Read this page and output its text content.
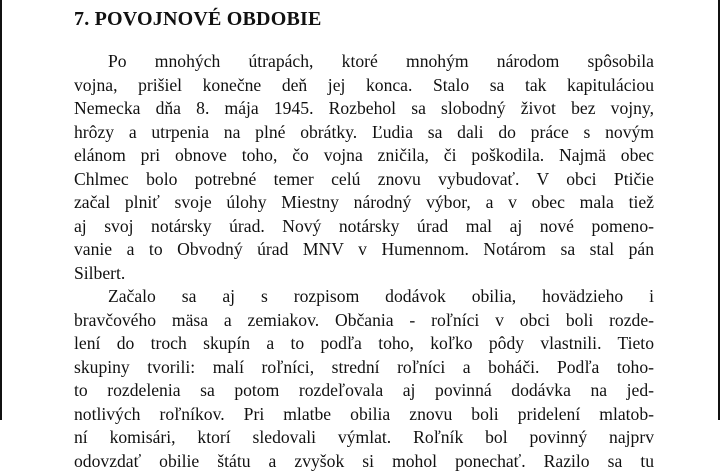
7. POVOJNOVÉ OBDOBIE
Po mnohých útrapách, ktoré mnohým národom spôsobila
vojna, prišiel konečne deň jej konca. Stalo sa tak kapituláciou
Nemecka dňa 8. mája 1945. Rozbehol sa slobodný život bez vojny,
hrôzy a utrpenia na plné obrátky. Ľudia sa dali do práce s novým
elánom pri obnove toho, čo vojna zničila, či poškodila. Najmä obec
Chlmec bolo potrebné temer celú znovu vybudovať. V obci Ptičie
začal plniť svoje úlohy Miestny národný výbor, a v obec mala tiež
aj svoj notársky úrad. Nový notársky úrad mal aj nové pomeno-
vanie a to Obvodný úrad MNV v Humennom. Notárom sa stal pán
Silbert.
Začalo sa aj s rozpisom dodávok obilia, hovädzieho i
bravčového mäsa a zemiakov. Občania - roľníci v obci boli rozde-
lení do troch skupín a to podľa toho, koľko pôdy vlastnili. Tieto
skupiny tvorili: malí roľníci, strední roľníci a boháči. Podľa toho-
to rozdelenia sa potom rozdeľovala aj povinná dodávka na jed-
notlivých roľníkov. Pri mlatbe obilia znovu boli pridelení mlatob-
ní komisári, ktorí sledovali výmlat. Roľník bol povinný najprv
odovzdať obilie štátu a zvyšok si mohol ponechať. Razilo sa tu
